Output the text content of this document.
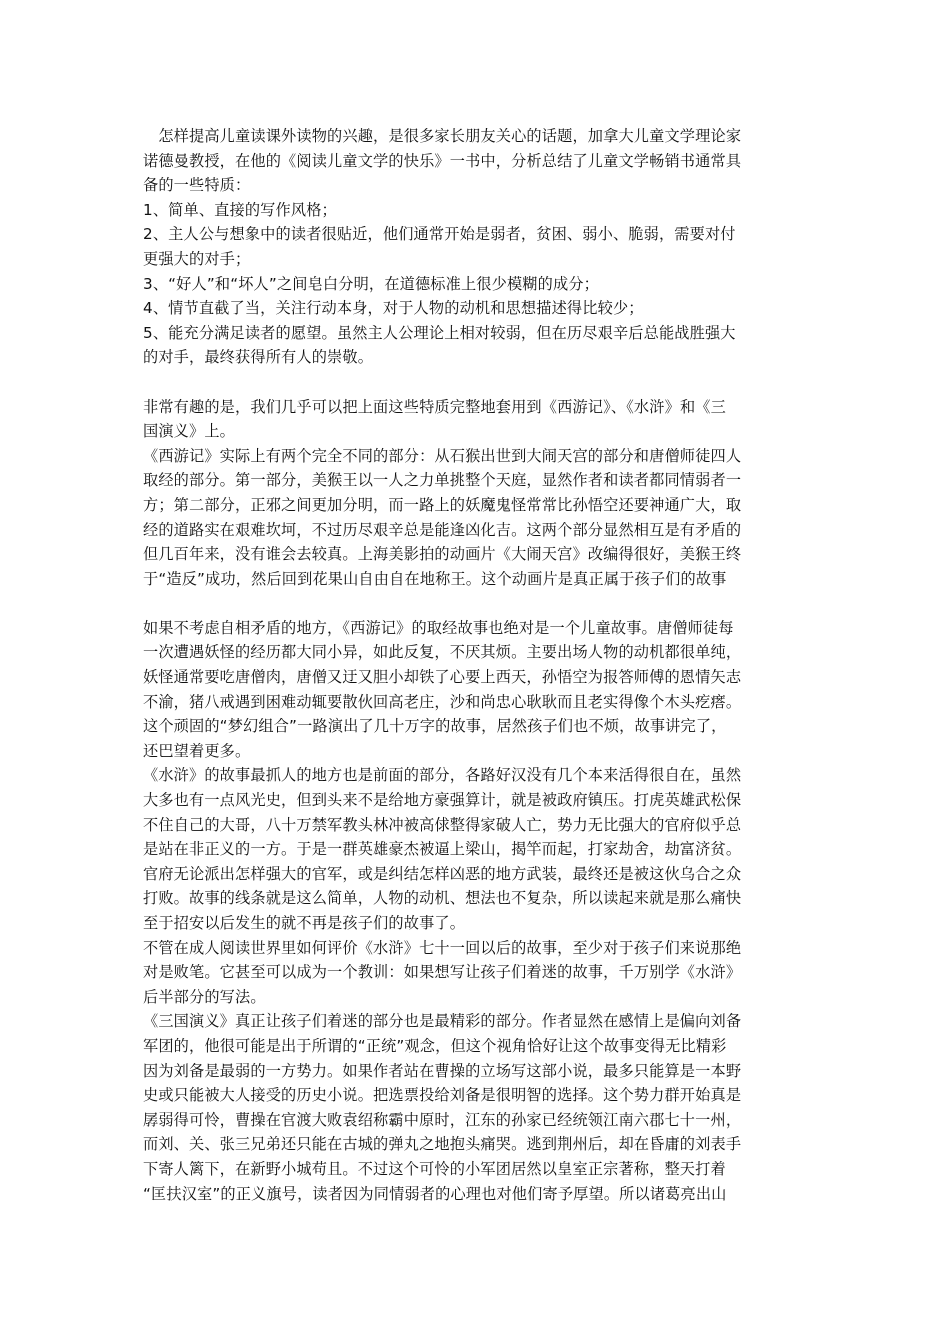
　怎样提高儿童读课外读物的兴趣，是很多家长朋友关心的话题，加拿大儿童文学理论家
诺德曼教授，在他的《阅读儿童文学的快乐》一书中，分析总结了儿童文学畅销书通常具
备的一些特质：
1、简单、直接的写作风格；
2、主人公与想象中的读者很贴近，他们通常开始是弱者，贫困、弱小、脆弱，需要对付
更强大的对手；
3、“好人”和“坏人”之间皂白分明，在道德标准上很少模糊的成分；
4、情节直截了当，关注行动本身，对于人物的动机和思想描述得比较少；
5、能充分满足读者的愿望。虽然主人公理论上相对较弱，但在历尽艰辛后总能战胜强大
的对手，最终获得所有人的崇敬。
非常有趣的是，我们几乎可以把上面这些特质完整地套用到《西游记》、《水浒》和《三
国演义》上。
《西游记》实际上有两个完全不同的部分：从石猴出世到大闹天宫的部分和唐僧师徒四人
取经的部分。第一部分，美猴王以一人之力单挑整个天庭，显然作者和读者都同情弱者一
方；第二部分，正邪之间更加分明，而一路上的妖魔鬼怪常常比孙悟空还要神通广大，取
经的道路实在艰难坎坷，不过历尽艰辛总是能逢凶化吉。这两个部分显然相互是有矛盾的
但几百年来，没有谁会去较真。上海美影拍的动画片《大闹天宫》改编得很好，美猴王终
于“造反”成功，然后回到花果山自由自在地称王。这个动画片是真正属于孩子们的故事
如果不考虑自相矛盾的地方，《西游记》的取经故事也绝对是一个儿童故事。唐僧师徒每
一次遭遇妖怪的经历都大同小异，如此反复，不厌其烦。主要出场人物的动机都很单纯，
妖怪通常要吃唐僧肉，唐僧又迂又胆小却铁了心要上西天，孙悟空为报答师傅的恩情矢志
不渝，猪八戒遇到困难动辄要散伙回高老庄，沙和尚忠心耿耿而且老实得像个木头疙瘩。
这个顽固的“梦幻组合”一路演出了几十万字的故事，居然孩子们也不烦，故事讲完了，
还巴望着更多。
《水浒》的故事最抓人的地方也是前面的部分，各路好汉没有几个本来活得很自在，虽然
大多也有一点风光史，但到头来不是给地方豪强算计，就是被政府镇压。打虎英雄武松保
不住自己的大哥，八十万禁军教头林冲被高俅整得家破人亡，势力无比强大的官府似乎总
是站在非正义的一方。于是一群英雄豪杰被逼上梁山，揭竿而起，打家劫舍，劫富济贫。
官府无论派出怎样强大的官军，或是纠结怎样凶恶的地方武装，最终还是被这伙乌合之众
打败。故事的线条就是这么简单，人物的动机、想法也不复杂，所以读起来就是那么痛快
至于招安以后发生的就不再是孩子们的故事了。
不管在成人阅读世界里如何评价《水浒》七十一回以后的故事，至少对于孩子们来说那绝
对是败笔。它甚至可以成为一个教训：如果想写让孩子们着迷的故事，千万别学《水浒》
后半部分的写法。
《三国演义》真正让孩子们着迷的部分也是最精彩的部分。作者显然在感情上是偏向刘备
军团的，他很可能是出于所谓的“正统”观念，但这个视角恰好让这个故事变得无比精彩
因为刘备是最弱的一方势力。如果作者站在曹操的立场写这部小说，最多只能算是一本野
史或只能被大人接受的历史小说。把选票投给刘备是很明智的选择。这个势力群开始真是
孱弱得可怜，曹操在官渡大败袁绍称霸中原时，江东的孙家已经统领江南六郡七十一州，
而刘、关、张三兄弟还只能在古城的弹丸之地抱头痛哭。逃到荆州后，却在昏庸的刘表手
下寄人篱下，在新野小城苟且。不过这个可怜的小军团居然以皇室正宗著称，整天打着
“匡扶汉室”的正义旗号，读者因为同情弱者的心理也对他们寄予厚望。所以诸葛亮出山
